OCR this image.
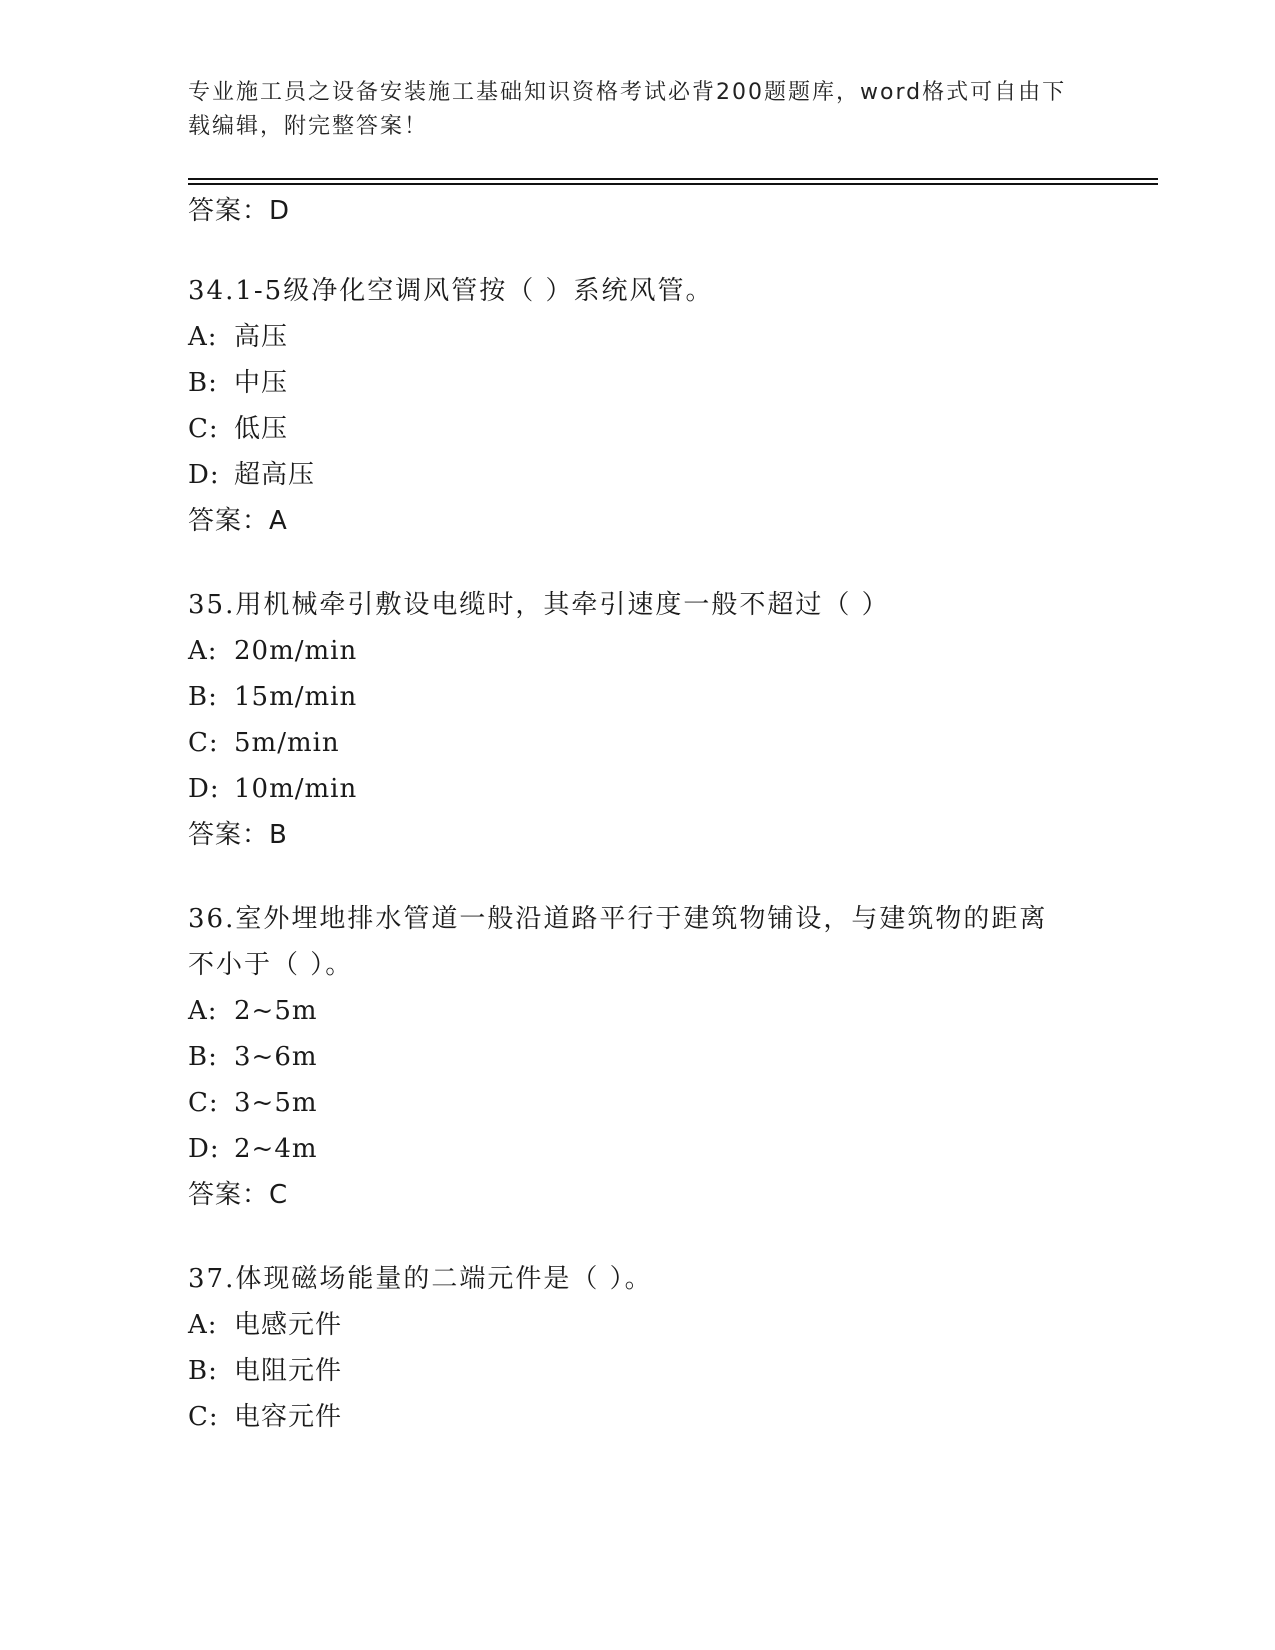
专业施工员之设备安装施工基础知识资格考试必背200题题库，word格式可自由下载编辑，附完整答案！
答案：D
34.1-5级净化空调风管按（ ）系统风管。
A: 高压
B: 中压
C: 低压
D: 超高压
答案：A
35.用机械牵引敷设电缆时，其牵引速度一般不超过（ ）
A: 20m/min
B: 15m/min
C: 5m/min
D: 10m/min
答案：B
36.室外埋地排水管道一般沿道路平行于建筑物铺设，与建筑物的距离不小于（ ）。
A: 2~5m
B: 3~6m
C: 3~5m
D: 2~4m
答案：C
37.体现磁场能量的二端元件是（ ）。
A: 电感元件
B: 电阻元件
C: 电容元件
